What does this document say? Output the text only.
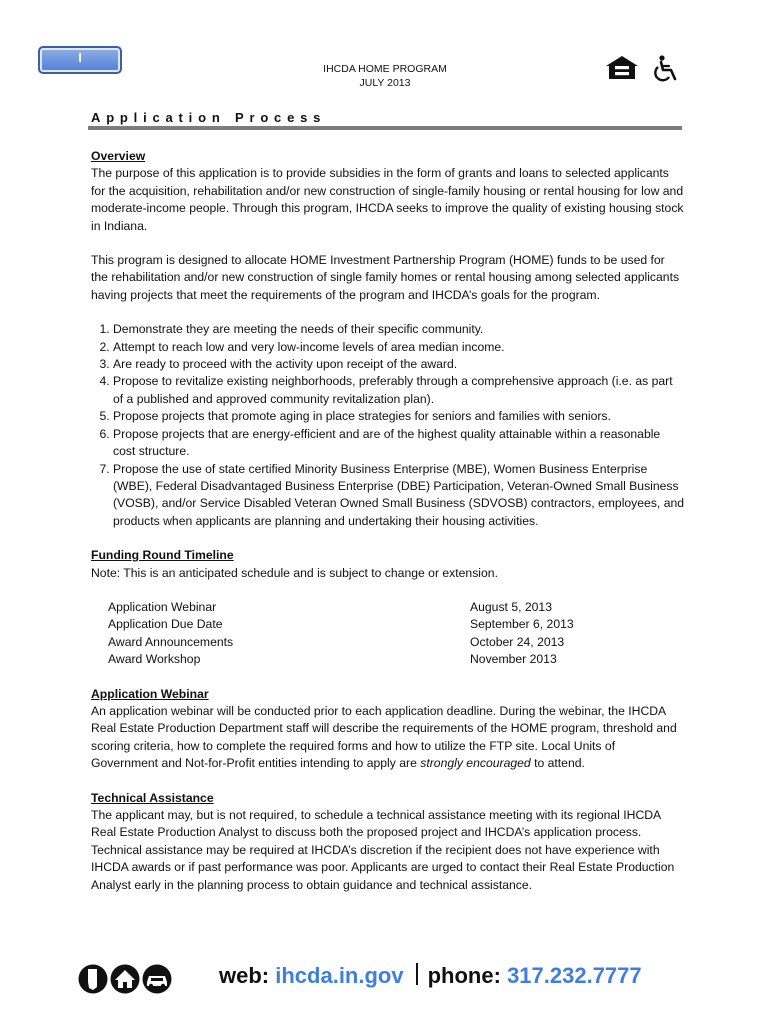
I
IHCDA HOME PROGRAM
JULY 2013
Application Process
Overview

The purpose of this application is to provide subsidies in the form of grants and loans to selected applicants for the acquisition, rehabilitation and/or new construction of single-family housing or rental housing for low and moderate-income people. Through this program, IHCDA seeks to improve the quality of existing housing stock in Indiana.

This program is designed to allocate HOME Investment Partnership Program (HOME) funds to be used for the rehabilitation and/or new construction of single family homes or rental housing among selected applicants having projects that meet the requirements of the program and IHCDA’s goals for the program.

1. Demonstrate they are meeting the needs of their specific community.
2. Attempt to reach low and very low-income levels of area median income.
3. Are ready to proceed with the activity upon receipt of the award.
4. Propose to revitalize existing neighborhoods, preferably through a comprehensive approach (i.e. as part of a published and approved community revitalization plan).
5. Propose projects that promote aging in place strategies for seniors and families with seniors.
6. Propose projects that are energy-efficient and are of the highest quality attainable within a reasonable cost structure.
7. Propose the use of state certified Minority Business Enterprise (MBE), Women Business Enterprise (WBE), Federal Disadvantaged Business Enterprise (DBE) Participation, Veteran-Owned Small Business (VOSB), and/or Service Disabled Veteran Owned Small Business (SDVOSB) contractors, employees, and products when applicants are planning and undertaking their housing activities.
Funding Round Timeline

Note: This is an anticipated schedule and is subject to change or extension.

Application Webinar	August 5, 2013
Application Due Date	September 6, 2013
Award Announcements	October 24, 2013
Award Workshop	November 2013
Application Webinar

An application webinar will be conducted prior to each application deadline. During the webinar, the IHCDA Real Estate Production Department staff will describe the requirements of the HOME program, threshold and scoring criteria, how to complete the required forms and how to utilize the FTP site. Local Units of Government and Not-for-Profit entities intending to apply are strongly encouraged to attend.

Technical Assistance

The applicant may, but is not required, to schedule a technical assistance meeting with its regional IHCDA Real Estate Production Analyst to discuss both the proposed project and IHCDA’s application process. Technical assistance may be required at IHCDA’s discretion if the recipient does not have experience with IHCDA awards or if past performance was poor. Applicants are urged to contact their Real Estate Production Analyst early in the planning process to obtain guidance and technical assistance.

web: ihcda.in.gov phone: 317.232.7777
